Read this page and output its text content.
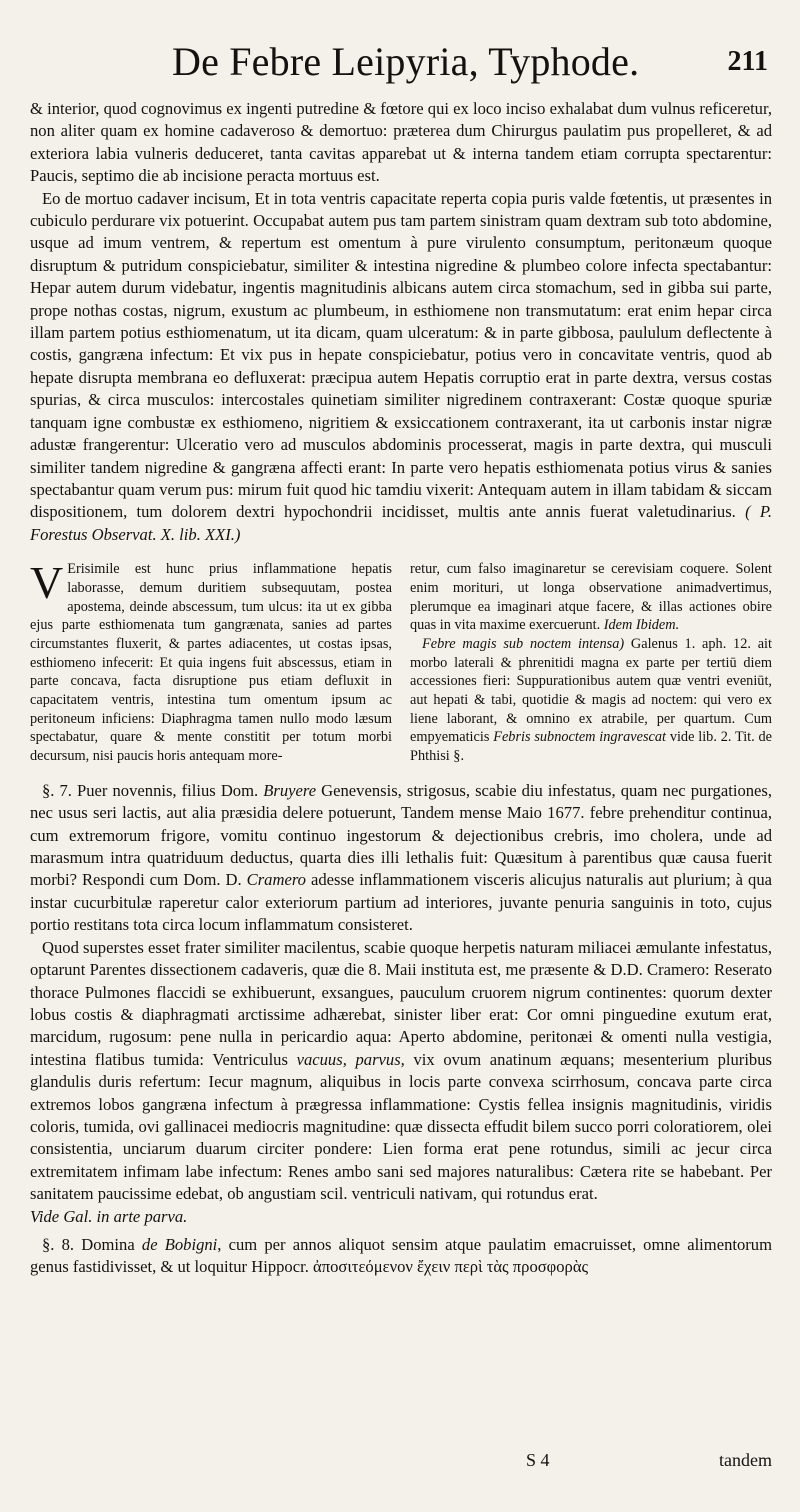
De Febre Leipyria, Typhode.	211

& interior, quod cognovimus ex ingenti putredine & fœtore qui ex loco inciso exhalabat dum vulnus reficeretur, non aliter quam ex homine cadaveroso & demortuo: præterea dum Chirurgus paulatim pus propelleret, & ad exteriora labia vulneris deduceret, tanta cavitas apparebat ut & interna tandem etiam corrupta spectarentur: Paucis, septimo die ab incisione peracta mortuus est.

Eo de mortuo cadaver incisum, Et in tota ventris capacitate reperta copia puris valde fœtentis, ut præsentes in cubiculo perdurare vix potuerint. Occupabat autem pus tam partem sinistram quam dextram sub toto abdomine, usque ad imum ventrem, & repertum est omentum à pure virulento consumptum, peritonæum quoque disruptum & putridum conspiciebatur, similiter & intestina nigredine & plumbeo colore infecta spectabantur: Hepar autem durum videbatur, ingentis magnitudinis albicans autem circa stomachum, sed in gibba sui parte, prope nothas costas, nigrum, exustum ac plumbeum, in esthiomene non transmutatum: erat enim hepar circa illam partem potius esthiomenatum, ut ita dicam, quam ulceratum: & in parte gibbosa, paululum deflectente à costis, gangræna infectum: Et vix pus in hepate conspiciebatur, potius vero in concavitate ventris, quod ab hepate disrupta membrana eo defluxerat: præcipua autem Hepatis corruptio erat in parte dextra, versus costas spurias, & circa musculos: intercostales quinetiam similiter nigredinem contraxerant: Costæ quoque spuriæ tanquam igne combustæ ex esthiomeno, nigritiem & exsiccationem contraxerant, ita ut carbonis instar nigræ adustæ frangerentur: Ulceratio vero ad musculos abdominis processerat, magis in parte dextra, qui musculi similiter tandem nigredine & gangræna affecti erant: In parte vero hepatis esthiomenata potius virus & sanies spectabantur quam verum pus: mirum fuit quod hic tamdiu vixerit: Antequam autem in illam tabidam & siccam dispositionem, tum dolorem dextri hypochondrii incidisset, multis ante annis fuerat valetudinarius. ( P. Forestus Observat. X. lib. XXI.)

V Erisimile est hunc prius inflammatione hepatis laborasse, demum duritiem subsequutam, postea apostema, deinde abscessum, tum ulcus: ita ut ex gibba ejus parte esthiomenata tum gangrænata, sanies ad partes circumstantes fluxerit, & partes adiacentes, ut costas ipsas, esthiomeno infecerit: Et quia ingens fuit abscessus, etiam in parte concava, facta disruptione pus etiam defluxit in capacitatem ventris, intestina tum omentum ipsum ac peritoneum inficiens: Diaphragma tamen nullo modo læsum spectabatur, quare & mente constitit per totum morbi decursum, nisi paucis horis antequam more-

retur, cum falso imaginaretur se cerevisiam coquere. Solent enim morituri, ut longa observatione animadvertimus, plerumque ea imaginari atque facere, & illas actiones obire quas in vita maxime exercuerunt. Idem Ibidem.

Febre magis sub noctem intensa) Galenus 1. aph. 12. ait morbo laterali & phrenitidi magna ex parte per tertiū diem accessiones fieri: Suppurationibus autem quæ ventri eveniūt, aut hepati & tabi, quotidie & magis ad noctem: qui vero ex liene laborant, & omnino ex atrabile, per quartum. Cum empyematicis Febris subnoctem ingravescat vide lib. 2. Tit. de Phthisi §.

§. 7. Puer novennis, filius Dom. Bruyere Genevensis, strigosus, scabie diu infestatus, quam nec purgationes, nec usus seri lactis, aut alia præsidia delere potuerunt, Tandem mense Maio 1677. febre prehenditur continua, cum extremorum frigore, vomitu continuo ingestorum & dejectionibus crebris, imo cholera, unde ad marasmum intra quatriduum deductus, quarta dies illi lethalis fuit: Quæsitum à parentibus quæ causa fuerit morbi? Respondi cum Dom. D. Cramero adesse inflammationem visceris alicujus naturalis aut plurium; à qua instar cucurbitulæ raperetur calor exteriorum partium ad interiores, juvante penuria sanguinis in toto, cujus portio restitans tota circa locum inflammatum consisteret.

Quod superstes esset frater similiter macilentus, scabie quoque herpetis naturam miliacei æmulante infestatus, optarunt Parentes dissectionem cadaveris, quæ die 8. Maii instituta est, me præsente & D.D. Cramero: Reserato thorace Pulmones flaccidi se exhibuerunt, exsangues, pauculum cruorem nigrum continentes: quorum dexter lobus costis & diaphragmati arctissime adhærebat, sinister liber erat: Cor omni pinguedine exutum erat, marcidum, rugosum: pene nulla in pericardio aqua: Aperto abdomine, peritonæi & omenti nulla vestigia, intestina flatibus tumida: Ventriculus vacuus, parvus, vix ovum anatinum æquans; mesenterium pluribus glandulis duris refertum: Iecur magnum, aliquibus in locis parte convexa scirrhosum, concava parte circa extremos lobos gangræna infectum à prægressa inflammatione: Cystis fellea insignis magnitudinis, viridis coloris, tumida, ovi gallinacei mediocris magnitudine: quæ dissecta effudit bilem succo porri coloratiorem, olei consistentia, unciarum duarum circiter pondere: Lien forma erat pene rotundus, simili ac jecur circa extremitatem infimam labe infectum: Renes ambo sani sed majores naturalibus: Cætera rite se habebant. Per sanitatem paucissime edebat, ob angustiam scil. ventriculi nativam, qui rotundus erat.

Vide Gal. in arte parva.

§. 8. Domina de Bobigni, cum per annos aliquot sensim atque paulatim emacruisset, omne alimentorum genus fastidivisset, & ut loquitur Hippocr. ἀποσιτεόμενον ἔχειν περὶ τὰς προσφορὰς

S 4	tandem
